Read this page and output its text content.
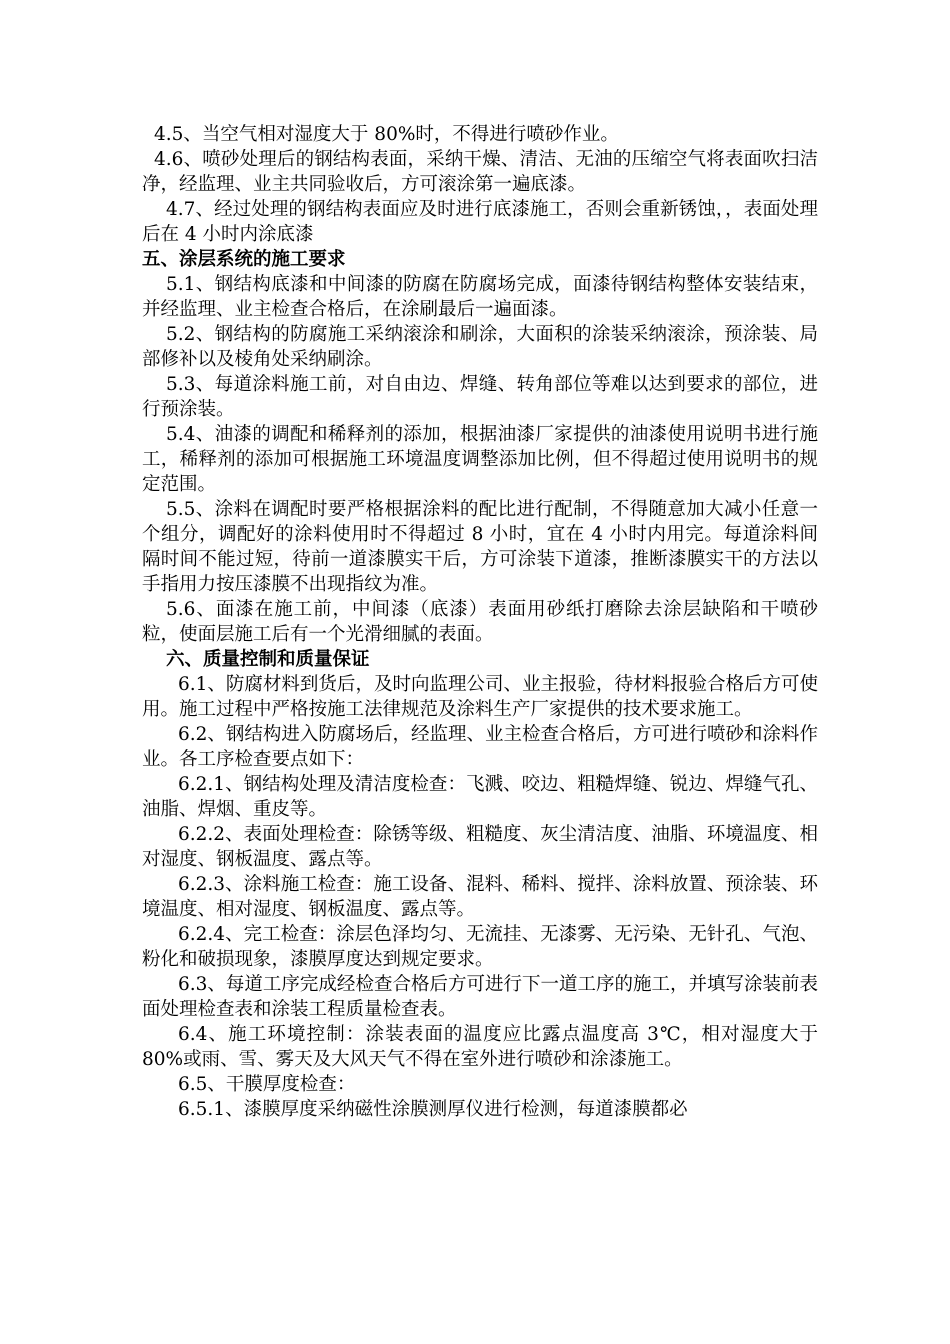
4.5、当空气相对湿度大于 80%时，不得进行喷砂作业。

4.6、喷砂处理后的钢结构表面，采纳干燥、清洁、无油的压缩空气将表面吹扫洁净，经监理、业主共同验收后，方可滚涂第一遍底漆。

4.7、经过处理的钢结构表面应及时进行底漆施工，否则会重新锈蚀，，表面处理后在 4 小时内涂底漆

五、涂层系统的施工要求

5.1、钢结构底漆和中间漆的防腐在防腐场完成，面漆待钢结构整体安装结束，并经监理、业主检查合格后，在涂刷最后一遍面漆。

5.2、钢结构的防腐施工采纳滚涂和刷涂，大面积的涂装采纳滚涂，预涂装、局部修补以及棱角处采纳刷涂。

5.3、每道涂料施工前，对自由边、焊缝、转角部位等难以达到要求的部位，进行预涂装。

5.4、油漆的调配和稀释剂的添加，根据油漆厂家提供的油漆使用说明书进行施工，稀释剂的添加可根据施工环境温度调整添加比例，但不得超过使用说明书的规定范围。

5.5、涂料在调配时要严格根据涂料的配比进行配制，不得随意加大减小任意一个组分，调配好的涂料使用时不得超过 8 小时，宜在 4 小时内用完。每道涂料间隔时间不能过短，待前一道漆膜实干后，方可涂装下道漆，推断漆膜实干的方法以手指用力按压漆膜不出现指纹为准。

5.6、面漆在施工前，中间漆（底漆）表面用砂纸打磨除去涂层缺陷和干喷砂粒，使面层施工后有一个光滑细腻的表面。

六、质量控制和质量保证

6.1、防腐材料到货后，及时向监理公司、业主报验，待材料报验合格后方可使用。施工过程中严格按施工法律规范及涂料生产厂家提供的技术要求施工。

6.2、钢结构进入防腐场后，经监理、业主检查合格后，方可进行喷砂和涂料作业。各工序检查要点如下：

6.2.1、钢结构处理及清洁度检查：飞溅、咬边、粗糙焊缝、锐边、焊缝气孔、油脂、焊烟、重皮等。

6.2.2、表面处理检查：除锈等级、粗糙度、灰尘清洁度、油脂、环境温度、相对湿度、钢板温度、露点等。

6.2.3、涂料施工检查：施工设备、混料、稀料、搅拌、涂料放置、预涂装、环境温度、相对湿度、钢板温度、露点等。

6.2.4、完工检查：涂层色泽均匀、无流挂、无漆雾、无污染、无针孔、气泡、粉化和破损现象，漆膜厚度达到规定要求。

6.3、每道工序完成经检查合格后方可进行下一道工序的施工，并填写涂装前表面处理检查表和涂装工程质量检查表。

6.4、施工环境控制：涂装表面的温度应比露点温度高 3℃，相对湿度大于 80%或雨、雪、雾天及大风天气不得在室外进行喷砂和涂漆施工。

6.5、干膜厚度检查：

6.5.1、漆膜厚度采纳磁性涂膜测厚仪进行检测，每道漆膜都必
